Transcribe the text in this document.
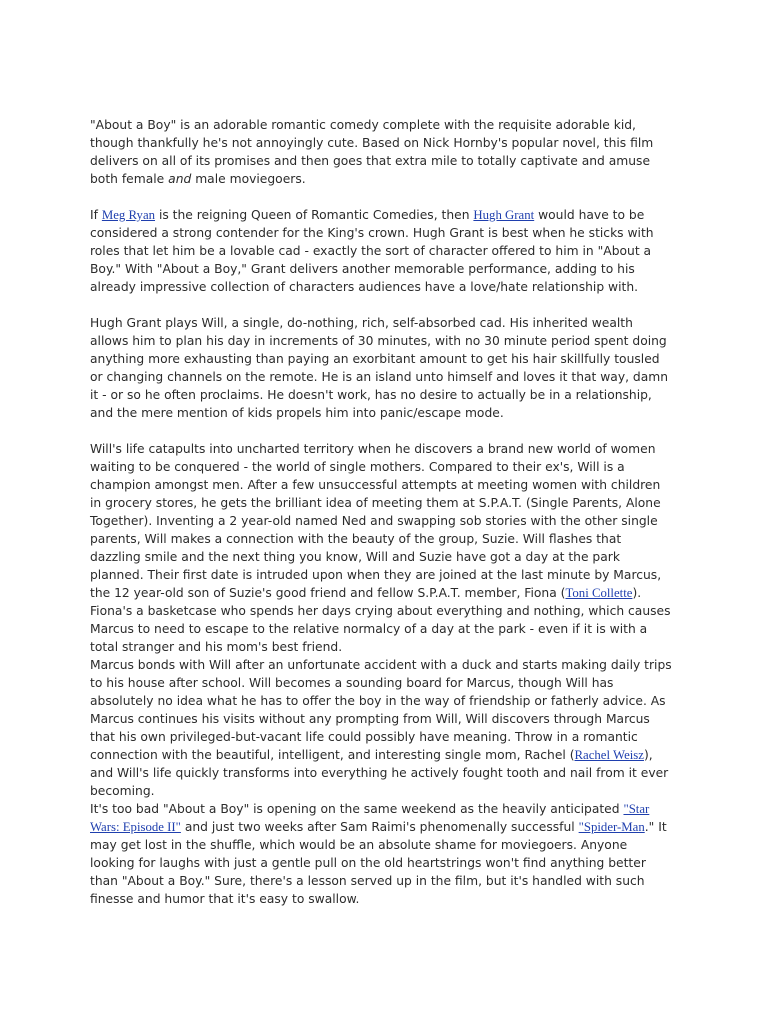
"About a Boy" is an adorable romantic comedy complete with the requisite adorable kid, though thankfully he's not annoyingly cute. Based on Nick Hornby's popular novel, this film delivers on all of its promises and then goes that extra mile to totally captivate and amuse both female and male moviegoers.

If Meg Ryan is the reigning Queen of Romantic Comedies, then Hugh Grant would have to be considered a strong contender for the King's crown. Hugh Grant is best when he sticks with roles that let him be a lovable cad - exactly the sort of character offered to him in "About a Boy." With "About a Boy," Grant delivers another memorable performance, adding to his already impressive collection of characters audiences have a love/hate relationship with.

Hugh Grant plays Will, a single, do-nothing, rich, self-absorbed cad. His inherited wealth allows him to plan his day in increments of 30 minutes, with no 30 minute period spent doing anything more exhausting than paying an exorbitant amount to get his hair skillfully tousled or changing channels on the remote. He is an island unto himself and loves it that way, damn it - or so he often proclaims. He doesn't work, has no desire to actually be in a relationship, and the mere mention of kids propels him into panic/escape mode.

Will's life catapults into uncharted territory when he discovers a brand new world of women waiting to be conquered - the world of single mothers. Compared to their ex's, Will is a champion amongst men. After a few unsuccessful attempts at meeting women with children in grocery stores, he gets the brilliant idea of meeting them at S.P.A.T. (Single Parents, Alone Together). Inventing a 2 year-old named Ned and swapping sob stories with the other single parents, Will makes a connection with the beauty of the group, Suzie. Will flashes that dazzling smile and the next thing you know, Will and Suzie have got a day at the park planned. Their first date is intruded upon when they are joined at the last minute by Marcus, the 12 year-old son of Suzie's good friend and fellow S.P.A.T. member, Fiona (Toni Collette). Fiona's a basketcase who spends her days crying about everything and nothing, which causes Marcus to need to escape to the relative normalcy of a day at the park - even if it is with a total stranger and his mom's best friend.

Marcus bonds with Will after an unfortunate accident with a duck and starts making daily trips to his house after school. Will becomes a sounding board for Marcus, though Will has absolutely no idea what he has to offer the boy in the way of friendship or fatherly advice. As Marcus continues his visits without any prompting from Will, Will discovers through Marcus that his own privileged-but-vacant life could possibly have meaning. Throw in a romantic connection with the beautiful, intelligent, and interesting single mom, Rachel (Rachel Weisz), and Will's life quickly transforms into everything he actively fought tooth and nail from it ever becoming.

It's too bad "About a Boy" is opening on the same weekend as the heavily anticipated "Star Wars: Episode II" and just two weeks after Sam Raimi's phenomenally successful "Spider-Man." It may get lost in the shuffle, which would be an absolute shame for moviegoers. Anyone looking for laughs with just a gentle pull on the old heartstrings won't find anything better than "About a Boy." Sure, there's a lesson served up in the film, but it's handled with such finesse and humor that it's easy to swallow.
